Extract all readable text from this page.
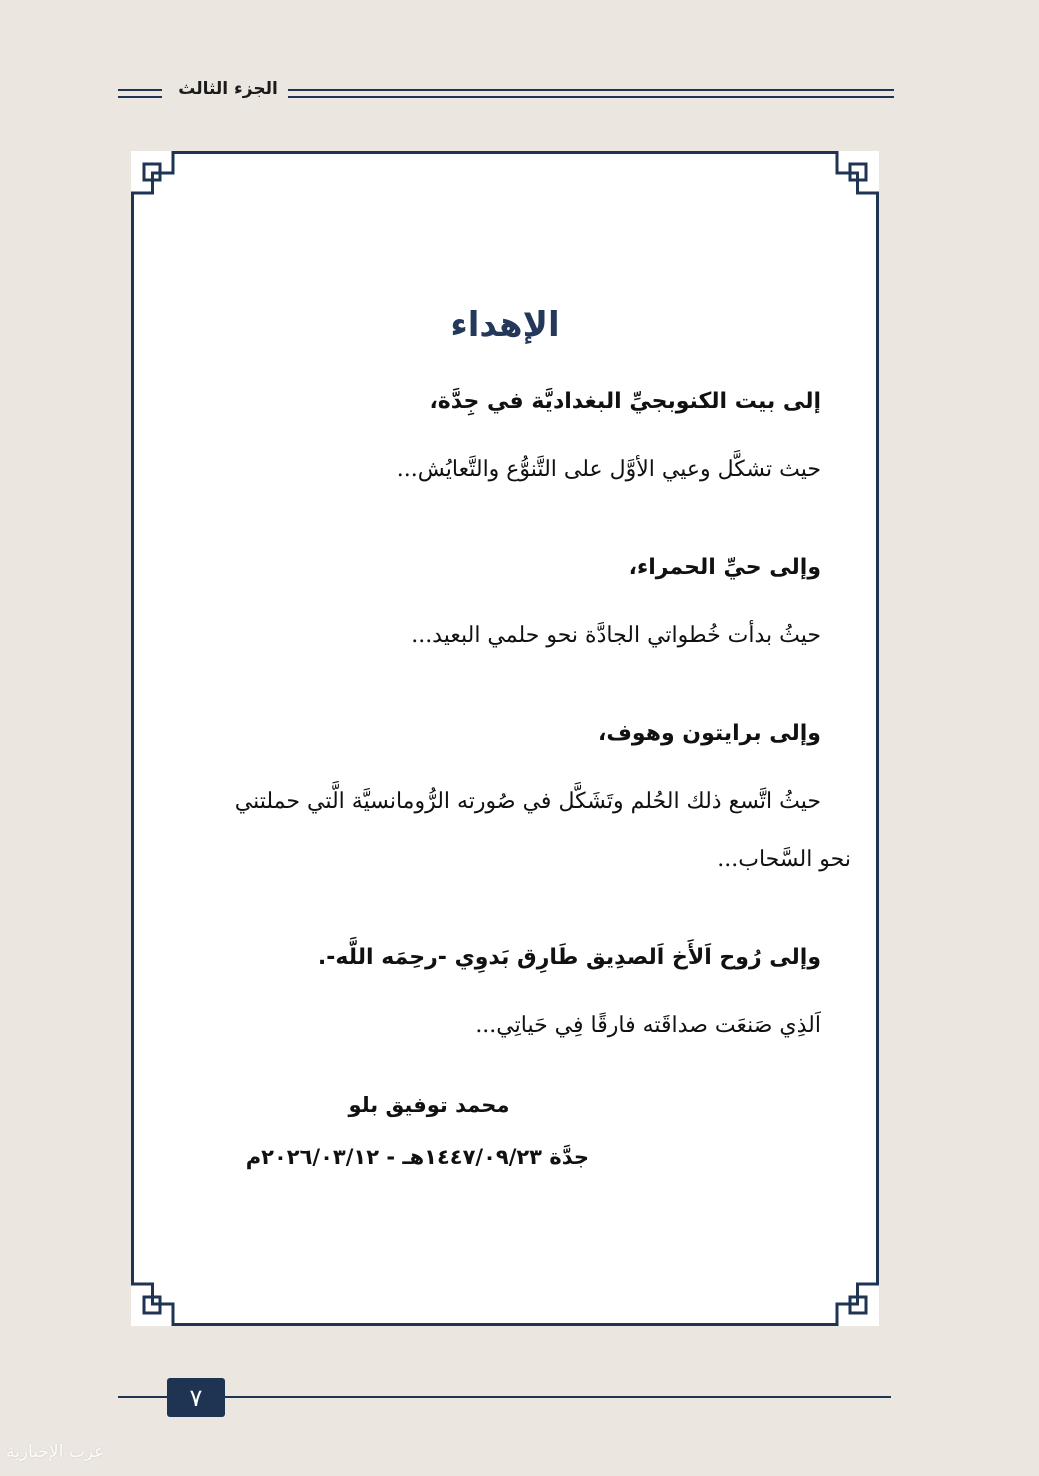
الجزء الثالث
الإهداء
إلى بيت الكنوبجيِّ البغداديَّة في جِدَّة،
حيث تشكَّل وعيي الأوَّل على التَّنوُّع والتَّعايُش...
وإلى حيِّ الحمراء،
حيثُ بدأت خُطواتي الجادَّة نحو حلمي البعيد...
وإلى برايتون وهوف،
حيثُ اتَّسع ذلك الحُلم وتَشَكَّل في صُورته الرُّومانسيَّة الَّتي حملتني
نحو السَّحاب...
وإلى رُوح اَلأَخ اَلصدِيق طَارِق بَدوِي -رحِمَه اللَّه-.
اَلذِي صَنعَت صداقَته فارقًا فِي حَياتِي...
محمد توفيق بلو
جدَّة ١٤٤٧/٠٩/٢٣هـ - ٢٠٢٦/٠٣/١٢م
٧
عرب الإخبارية
